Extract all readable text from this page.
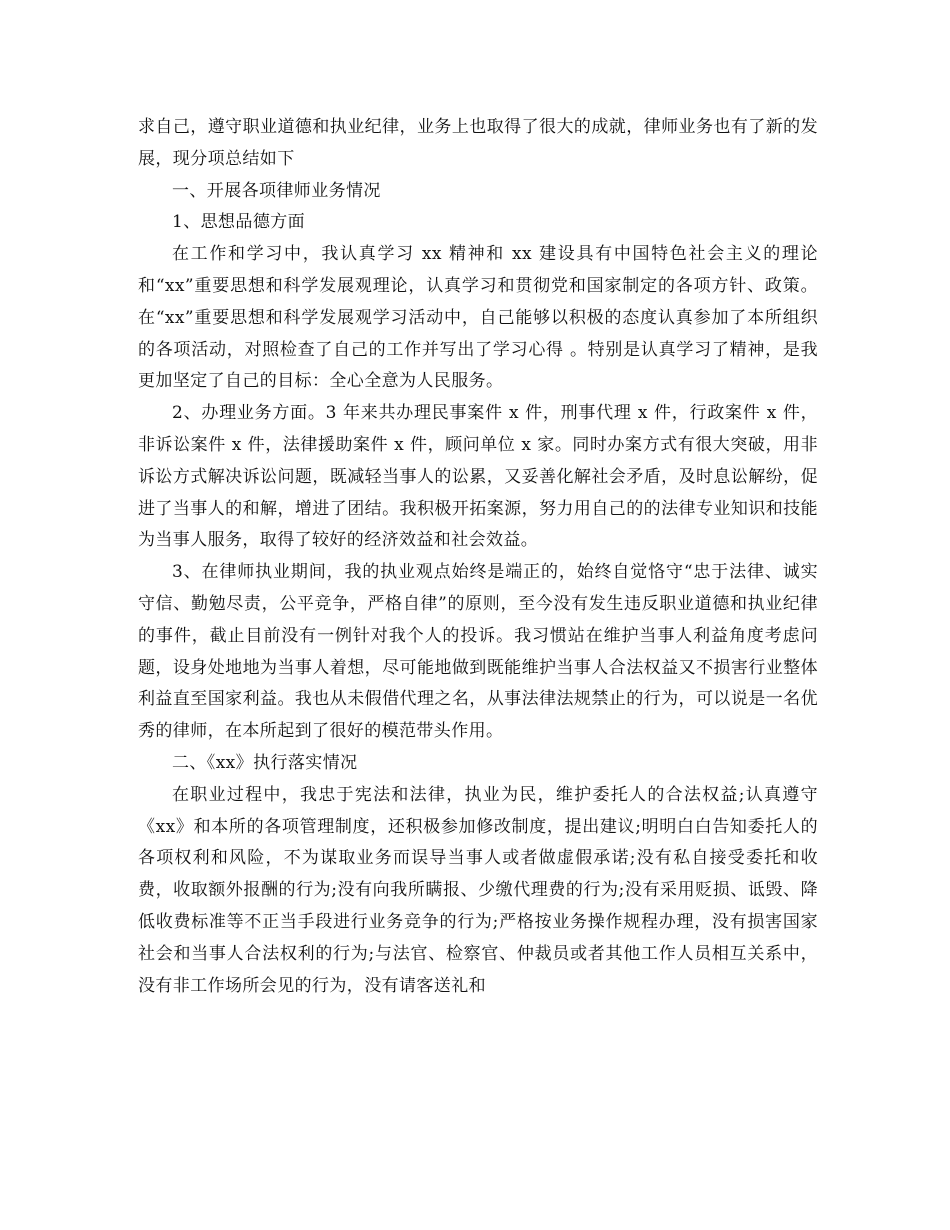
求自己，遵守职业道德和执业纪律，业务上也取得了很大的成就，律师业务也有了新的发展，现分项总结如下

一、开展各项律师业务情况

1、思想品德方面

在工作和学习中，我认真学习 xx 精神和 xx 建设具有中国特色社会主义的理论和“xx”重要思想和科学发展观理论，认真学习和贯彻党和国家制定的各项方针、政策。在“xx”重要思想和科学发展观学习活动中，自己能够以积极的态度认真参加了本所组织的各项活动，对照检查了自己的工作并写出了学习心得 。特别是认真学习了精神，是我更加坚定了自己的目标：全心全意为人民服务。

2、办理业务方面。3 年来共办理民事案件 x 件，刑事代理 x 件，行政案件 x 件，非诉讼案件 x 件，法律援助案件 x 件，顾问单位 x 家。同时办案方式有很大突破，用非诉讼方式解决诉讼问题，既减轻当事人的讼累，又妥善化解社会矛盾，及时息讼解纷，促进了当事人的和解，增进了团结。我积极开拓案源，努力用自己的的法律专业知识和技能为当事人服务，取得了较好的经济效益和社会效益。

3、在律师执业期间，我的执业观点始终是端正的，始终自觉恪守“忠于法律、诚实守信、勤勉尽责，公平竞争，严格自律”的原则，至今没有发生违反职业道德和执业纪律的事件，截止目前没有一例针对我个人的投诉。我习惯站在维护当事人利益角度考虑问题，设身处地地为当事人着想，尽可能地做到既能维护当事人合法权益又不损害行业整体利益直至国家利益。我也从未假借代理之名，从事法律法规禁止的行为，可以说是一名优秀的律师，在本所起到了很好的模范带头作用。

二、《xx》执行落实情况

在职业过程中，我忠于宪法和法律，执业为民，维护委托人的合法权益;认真遵守《xx》和本所的各项管理制度，还积极参加修改制度，提出建议;明明白白告知委托人的各项权利和风险，不为谋取业务而误导当事人或者做虚假承诺;没有私自接受委托和收费，收取额外报酬的行为;没有向我所瞒报、少缴代理费的行为;没有采用贬损、诋毁、降低收费标准等不正当手段进行业务竞争的行为;严格按业务操作规程办理，没有损害国家社会和当事人合法权利的行为;与法官、检察官、仲裁员或者其他工作人员相互关系中，没有非工作场所会见的行为，没有请客送礼和
